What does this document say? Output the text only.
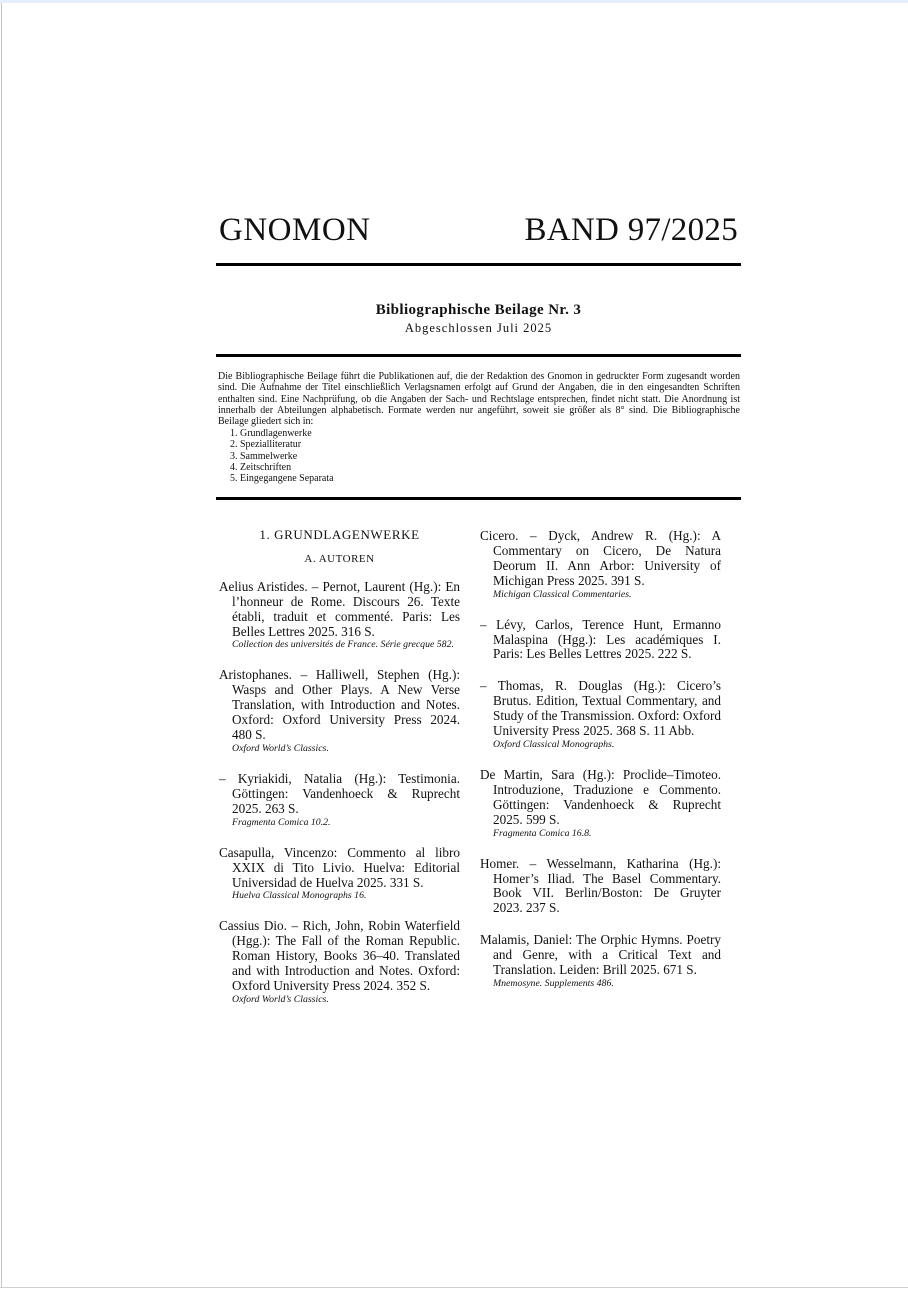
GNOMON	BAND 97/2025
Bibliographische Beilage Nr. 3
Abgeschlossen Juli 2025
Die Bibliographische Beilage führt die Publikationen auf, die der Redaktion des Gnomon in gedruckter Form zugesandt worden sind. Die Aufnahme der Titel einschließlich Verlagsnamen erfolgt auf Grund der Angaben, die in den eingesandten Schriften enthalten sind. Eine Nachprüfung, ob die Angaben der Sach- und Rechtslage entsprechen, findet nicht statt. Die Anordnung ist innerhalb der Abteilungen alphabetisch. Formate werden nur angeführt, soweit sie größer als 8° sind. Die Bibliographische Beilage gliedert sich in:
1. Grundlagenwerke
2. Spezialliteratur
3. Sammelwerke
4. Zeitschriften
5. Eingegangene Separata
1. GRUNDLAGENWERKE
A. AUTOREN
Aelius Aristides. – Pernot, Laurent (Hg.): En l’honneur de Rome. Discours 26. Texte établi, traduit et commenté. Paris: Les Belles Lettres 2025. 316 S.
Collection des universités de France. Série grecque 582.
Aristophanes. – Halliwell, Stephen (Hg.): Wasps and Other Plays. A New Verse Translation, with Introduction and Notes. Oxford: Oxford University Press 2024. 480 S.
Oxford World’s Classics.
– Kyriakidi, Natalia (Hg.): Testimonia. Göttingen: Vandenhoeck & Ruprecht 2025. 263 S.
Fragmenta Comica 10.2.
Casapulla, Vincenzo: Commento al libro XXIX di Tito Livio. Huelva: Editorial Universidad de Huelva 2025. 331 S.
Huelva Classical Monographs 16.
Cassius Dio. – Rich, John, Robin Waterfield (Hgg.): The Fall of the Roman Republic. Roman History, Books 36–40. Translated and with Introduction and Notes. Oxford: Oxford University Press 2024. 352 S.
Oxford World’s Classics.
Cicero. – Dyck, Andrew R. (Hg.): A Commentary on Cicero, De Natura Deorum II. Ann Arbor: University of Michigan Press 2025. 391 S.
Michigan Classical Commentaries.
– Lévy, Carlos, Terence Hunt, Ermanno Malaspina (Hgg.): Les académiques I. Paris: Les Belles Lettres 2025. 222 S.
– Thomas, R. Douglas (Hg.): Cicero’s Brutus. Edition, Textual Commentary, and Study of the Transmission. Oxford: Oxford University Press 2025. 368 S. 11 Abb.
Oxford Classical Monographs.
De Martin, Sara (Hg.): Proclide–Timoteo. Introduzione, Traduzione e Commento. Göttingen: Vandenhoeck & Ruprecht 2025. 599 S.
Fragmenta Comica 16.8.
Homer. – Wesselmann, Katharina (Hg.): Homer’s Iliad. The Basel Commentary. Book VII. Berlin/Boston: De Gruyter 2023. 237 S.
Malamis, Daniel: The Orphic Hymns. Poetry and Genre, with a Critical Text and Translation. Leiden: Brill 2025. 671 S.
Mnemosyne. Supplements 486.
